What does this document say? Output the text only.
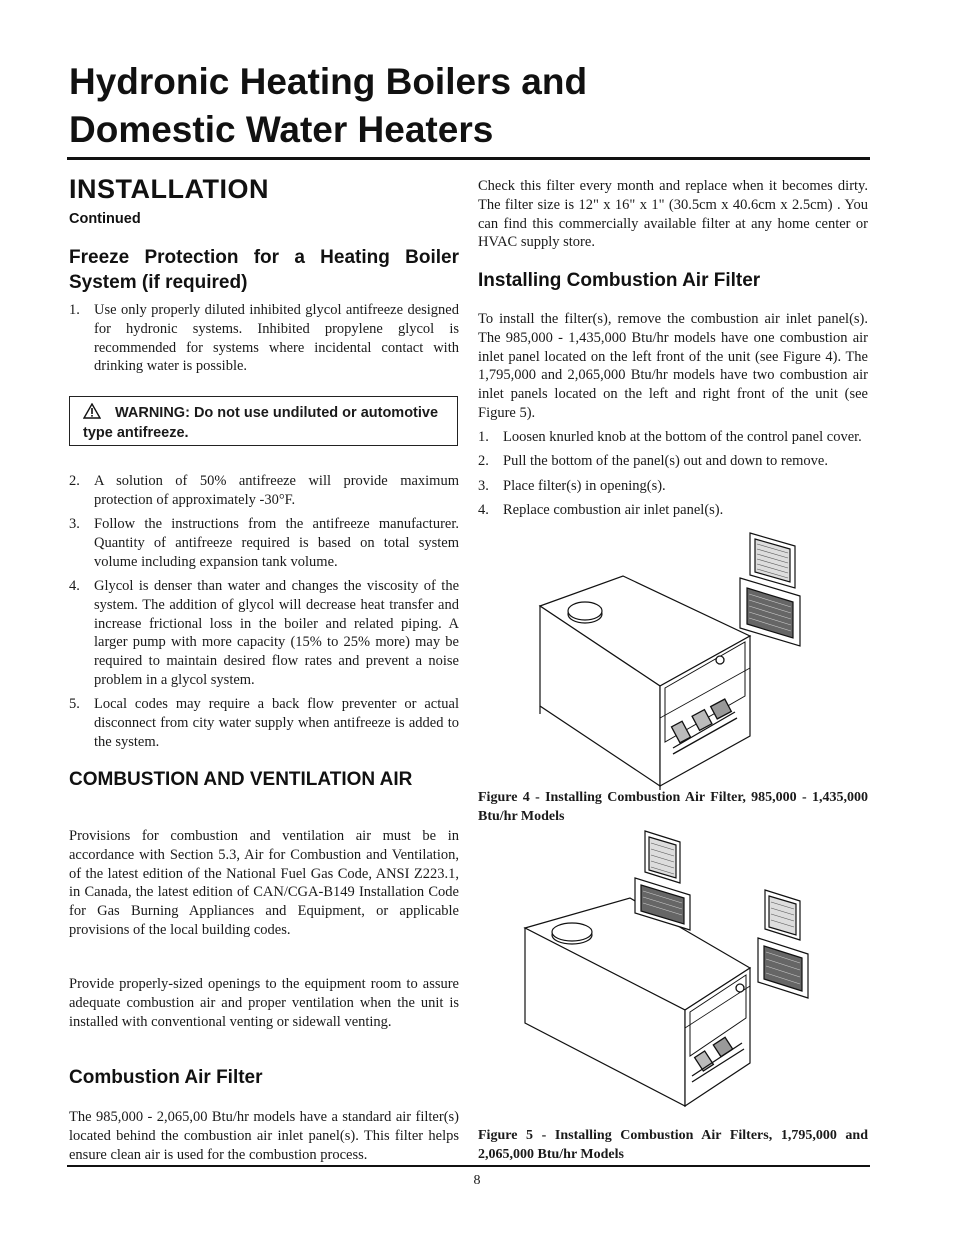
Hydronic Heating Boilers and
Domestic Water Heaters
INSTALLATION
Continued
Freeze Protection for a Heating Boiler System (if required)
1. Use only properly diluted inhibited glycol antifreeze designed for hydronic systems. Inhibited propylene glycol is recommended for systems where incidental contact with drinking water is possible.
WARNING: Do not use undiluted or automotive type antifreeze.
2. A solution of 50% antifreeze will provide maximum protection of approximately -30°F.
3. Follow the instructions from the antifreeze manufacturer. Quantity of antifreeze required is based on total system volume including expansion tank volume.
4. Glycol is denser than water and changes the viscosity of the system. The addition of glycol will decrease heat transfer and increase frictional loss in the boiler and related piping. A larger pump with more capacity (15% to 25% more) may be required to maintain desired flow rates and prevent a noise problem in a glycol system.
5. Local codes may require a back flow preventer or actual disconnect from city water supply when antifreeze is added to the system.
COMBUSTION AND VENTILATION AIR

Provisions for combustion and ventilation air must be in accordance with Section 5.3, Air for Combustion and Ventilation, of the latest edition of the National Fuel Gas Code, ANSI Z223.1, in Canada, the latest edition of CAN/CGA-B149 Installation Code for Gas Burning Appliances and Equipment, or applicable provisions of the local building codes.

Provide properly-sized openings to the equipment room to assure adequate combustion air and proper ventilation when the unit is installed with conventional venting or sidewall venting.

Combustion Air Filter

The 985,000 - 2,065,00 Btu/hr models have a standard air filter(s) located behind the combustion air inlet panel(s). This filter helps ensure clean air is used for the combustion process.

Check this filter every month and replace when it becomes dirty. The filter size is 12" x 16" x 1" (30.5cm x 40.6cm x 2.5cm) . You can find this commercially available filter at any home center or HVAC supply store.

Installing Combustion Air Filter

To install the filter(s), remove the combustion air inlet panel(s). The 985,000 - 1,435,000 Btu/hr models have one combustion air inlet panel located on the left front of the unit (see Figure 4). The 1,795,000 and 2,065,000 Btu/hr models have two combustion air inlet panels located on the left and right front of the unit (see Figure 5).

1. Loosen knurled knob at the bottom of the control panel cover.
2. Pull the bottom of the panel(s) out and down to remove.
3. Place filter(s) in opening(s).
4. Replace combustion air inlet panel(s).

Figure 4 - Installing Combustion Air Filter, 985,000 - 1,435,000 Btu/hr Models

Figure 5 - Installing Combustion Air Filters, 1,795,000 and 2,065,000 Btu/hr Models

8
